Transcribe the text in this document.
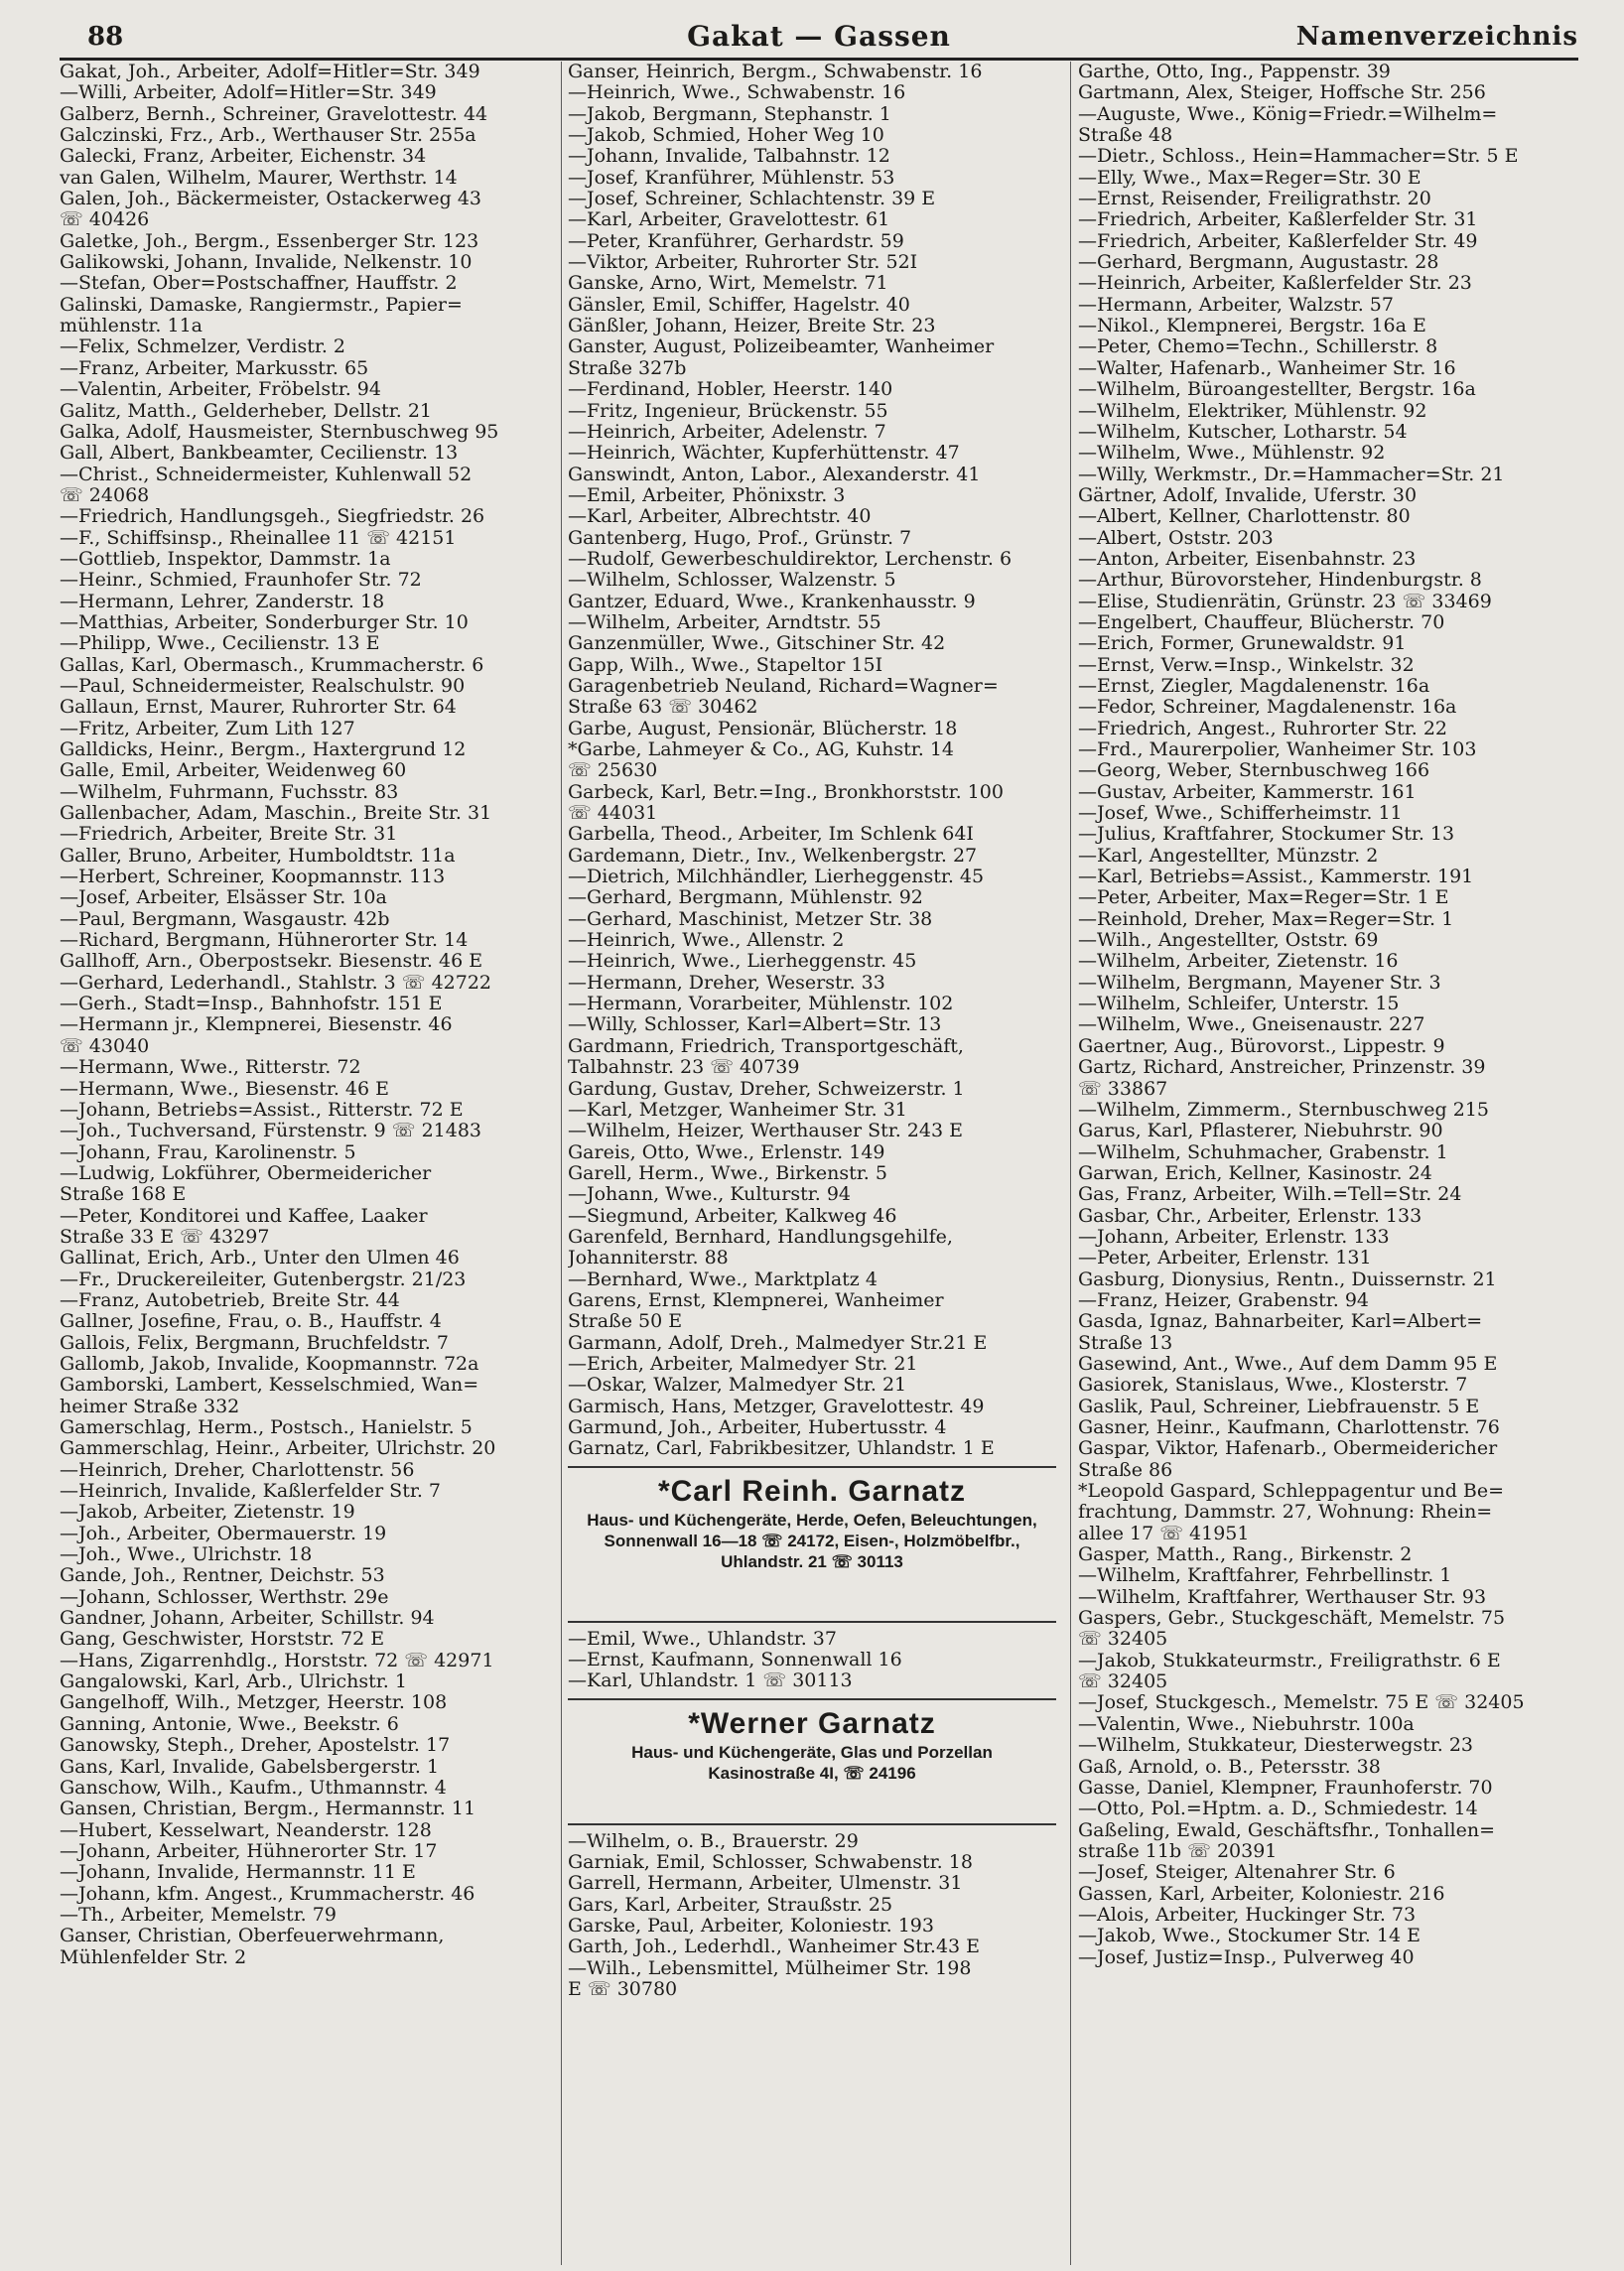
88	Gakat — Gassen	Namenverzeichnis
Gakat, Joh., Arbeiter, Adolf=Hitler=Str. 349
—Willi, Arbeiter, Adolf=Hitler=Str. 349
Galberz, Bernh., Schreiner, Gravelottestr. 44
Galczinski, Frz., Arb., Werthauser Str. 255a
Galecki, Franz, Arbeiter, Eichenstr. 34
van Galen, Wilhelm, Maurer, Werthstr. 14
Galen, Joh., Bäckermeister, Ostackerweg 43
☏ 40426
Galetke, Joh., Bergm., Essenberger Str. 123
Galikowski, Johann, Invalide, Nelkenstr. 10
—Stefan, Ober=Postschaffner, Hauffstr. 2
Galinski, Damaske, Rangiermstr., Papier=
mühlenstr. 11a
—Felix, Schmelzer, Verdistr. 2
—Franz, Arbeiter, Markusstr. 65
—Valentin, Arbeiter, Fröbelstr. 94
Galitz, Matth., Gelderheber, Dellstr. 21
Galka, Adolf, Hausmeister, Sternbuschweg 95
Gall, Albert, Bankbeamter, Cecilienstr. 13
—Christ., Schneidermeister, Kuhlenwall 52
☏ 24068
—Friedrich, Handlungsgeh., Siegfriedstr. 26
—F., Schiffsinsp., Rheinallee 11 ☏ 42151
—Gottlieb, Inspektor, Dammstr. 1a
—Heinr., Schmied, Fraunhofer Str. 72
—Hermann, Lehrer, Zanderstr. 18
—Matthias, Arbeiter, Sonderburger Str. 10
—Philipp, Wwe., Cecilienstr. 13 E
Gallas, Karl, Obermasch., Krummacherstr. 6
—Paul, Schneidermeister, Realschulstr. 90
Gallaun, Ernst, Maurer, Ruhrorter Str. 64
—Fritz, Arbeiter, Zum Lith 127
Galldicks, Heinr., Bergm., Haxtergrund 12
Galle, Emil, Arbeiter, Weidenweg 60
—Wilhelm, Fuhrmann, Fuchsstr. 83
Gallenbacher, Adam, Maschin., Breite Str. 31
—Friedrich, Arbeiter, Breite Str. 31
Galler, Bruno, Arbeiter, Humboldtstr. 11a
—Herbert, Schreiner, Koopmannstr. 113
—Josef, Arbeiter, Elsässer Str. 10a
—Paul, Bergmann, Wasgaustr. 42b
—Richard, Bergmann, Hühnerorter Str. 14
Gallhoff, Arn., Oberpostsekr. Biesenstr. 46 E
—Gerhard, Lederhandl., Stahlstr. 3 ☏ 42722
—Gerh., Stadt=Insp., Bahnhofstr. 151 E
—Hermann jr., Klempnerei, Biesenstr. 46
☏ 43040
—Hermann, Wwe., Ritterstr. 72
—Hermann, Wwe., Biesenstr. 46 E
—Johann, Betriebs=Assist., Ritterstr. 72 E
—Joh., Tuchversand, Fürstenstr. 9 ☏ 21483
—Johann, Frau, Karolinenstr. 5
—Ludwig, Lokführer, Obermeidericher
Straße 168 E
—Peter, Konditorei und Kaffee, Laaker
Straße 33 E ☏ 43297
Gallinat, Erich, Arb., Unter den Ulmen 46
—Fr., Druckereileiter, Gutenbergstr. 21/23
—Franz, Autobetrieb, Breite Str. 44
Gallner, Josefine, Frau, o. B., Hauffstr. 4
Gallois, Felix, Bergmann, Bruchfeldstr. 7
Gallomb, Jakob, Invalide, Koopmannstr. 72a
Gamborski, Lambert, Kesselschmied, Wan=
heimer Straße 332
Gamerschlag, Herm., Postsch., Hanielstr. 5
Gammerschlag, Heinr., Arbeiter, Ulrichstr. 20
—Heinrich, Dreher, Charlottenstr. 56
—Heinrich, Invalide, Kaßlerfelder Str. 7
—Jakob, Arbeiter, Zietenstr. 19
—Joh., Arbeiter, Obermauerstr. 19
—Joh., Wwe., Ulrichstr. 18
Gande, Joh., Rentner, Deichstr. 53
—Johann, Schlosser, Werthstr. 29e
Gandner, Johann, Arbeiter, Schillstr. 94
Gang, Geschwister, Horststr. 72 E
—Hans, Zigarrenhdlg., Horststr. 72 ☏ 42971
Gangalowski, Karl, Arb., Ulrichstr. 1
Gangelhoff, Wilh., Metzger, Heerstr. 108
Ganning, Antonie, Wwe., Beekstr. 6
Ganowsky, Steph., Dreher, Apostelstr. 17
Gans, Karl, Invalide, Gabelsbergerstr. 1
Ganschow, Wilh., Kaufm., Uthmannstr. 4
Gansen, Christian, Bergm., Hermannstr. 11
—Hubert, Kesselwart, Neanderstr. 128
—Johann, Arbeiter, Hühnerorter Str. 17
—Johann, Invalide, Hermannstr. 11 E
—Johann, kfm. Angest., Krummacherstr. 46
—Th., Arbeiter, Memelstr. 79
Ganser, Christian, Oberfeuerwehrmann,
Mühlenfelder Str. 2
Ganser, Heinrich, Bergm., Schwabenstr. 16
—Heinrich, Wwe., Schwabenstr. 16
—Jakob, Bergmann, Stephanstr. 1
—Jakob, Schmied, Hoher Weg 10
—Johann, Invalide, Talbahnstr. 12
—Josef, Kranführer, Mühlenstr. 53
—Josef, Schreiner, Schlachtenstr. 39 E
—Karl, Arbeiter, Gravelottestr. 61
—Peter, Kranführer, Gerhardstr. 59
—Viktor, Arbeiter, Ruhrorter Str. 52I
Ganske, Arno, Wirt, Memelstr. 71
Gänsler, Emil, Schiffer, Hagelstr. 40
Gänßler, Johann, Heizer, Breite Str. 23
Ganster, August, Polizeibeamter, Wanheimer
Straße 327b
—Ferdinand, Hobler, Heerstr. 140
—Fritz, Ingenieur, Brückenstr. 55
—Heinrich, Arbeiter, Adelenstr. 7
—Heinrich, Wächter, Kupferhüttenstr. 47
Ganswindt, Anton, Labor., Alexanderstr. 41
—Emil, Arbeiter, Phönixstr. 3
—Karl, Arbeiter, Albrechtstr. 40
Gantenberg, Hugo, Prof., Grünstr. 7
—Rudolf, Gewerbeschuldirektor, Lerchenstr. 6
—Wilhelm, Schlosser, Walzenstr. 5
Gantzer, Eduard, Wwe., Krankenhausstr. 9
—Wilhelm, Arbeiter, Arndtstr. 55
Ganzenmüller, Wwe., Gitschiner Str. 42
Gapp, Wilh., Wwe., Stapeltor 15I
Garagenbetrieb Neuland, Richard=Wagner=
Straße 63 ☏ 30462
Garbe, August, Pensionär, Blücherstr. 18
*Garbe, Lahmeyer & Co., AG, Kuhstr. 14
☏ 25630
Garbeck, Karl, Betr.=Ing., Bronkhorststr. 100
☏ 44031
Garbella, Theod., Arbeiter, Im Schlenk 64I
Gardemann, Dietr., Inv., Welkenbergstr. 27
—Dietrich, Milchhändler, Lierheggenstr. 45
—Gerhard, Bergmann, Mühlenstr. 92
—Gerhard, Maschinist, Metzer Str. 38
—Heinrich, Wwe., Allenstr. 2
—Heinrich, Wwe., Lierheggenstr. 45
—Hermann, Dreher, Weserstr. 33
—Hermann, Vorarbeiter, Mühlenstr. 102
—Willy, Schlosser, Karl=Albert=Str. 13
Gardmann, Friedrich, Transportgeschäft,
Talbahnstr. 23 ☏ 40739
Gardung, Gustav, Dreher, Schweizerstr. 1
—Karl, Metzger, Wanheimer Str. 31
—Wilhelm, Heizer, Werthauser Str. 243 E
Gareis, Otto, Wwe., Erlenstr. 149
Garell, Herm., Wwe., Birkenstr. 5
—Johann, Wwe., Kulturstr. 94
—Siegmund, Arbeiter, Kalkweg 46
Garenfeld, Bernhard, Handlungsgehilfe,
Johanniterstr. 88
—Bernhard, Wwe., Marktplatz 4
Garens, Ernst, Klempnerei, Wanheimer
Straße 50 E
Garmann, Adolf, Dreh., Malmedyer Str.21 E
—Erich, Arbeiter, Malmedyer Str. 21
—Oskar, Walzer, Malmedyer Str. 21
Garmisch, Hans, Metzger, Gravelottestr. 49
Garmund, Joh., Arbeiter, Hubertusstr. 4
Garnatz, Carl, Fabrikbesitzer, Uhlandstr. 1 E
*Carl Reinh. Garnatz
Haus- und Küchengeräte, Herde, Oefen, Beleuchtungen, Sonnenwall 16—18 ☏ 24172, Eisen-, Holzmöbelfbr., Uhlandstr. 21 ☏ 30113
—Emil, Wwe., Uhlandstr. 37
—Ernst, Kaufmann, Sonnenwall 16
—Karl, Uhlandstr. 1 ☏ 30113
*Werner Garnatz
Haus- und Küchengeräte, Glas und Porzellan Kasinostraße 4I, ☏ 24196
—Wilhelm, o. B., Brauerstr. 29
Garniak, Emil, Schlosser, Schwabenstr. 18
Garrell, Hermann, Arbeiter, Ulmenstr. 31
Gars, Karl, Arbeiter, Straußstr. 25
Garske, Paul, Arbeiter, Koloniestr. 193
Garth, Joh., Lederhdl., Wanheimer Str.43 E
—Wilh., Lebensmittel, Mülheimer Str. 198
E ☏ 30780
Garthe, Otto, Ing., Pappenstr. 39
Gartmann, Alex, Steiger, Hoffsche Str. 256
—Auguste, Wwe., König=Friedr.=Wilhelm=
Straße 48
—Dietr., Schloss., Hein=Hammacher=Str. 5 E
—Elly, Wwe., Max=Reger=Str. 30 E
—Ernst, Reisender, Freiligrathstr. 20
—Friedrich, Arbeiter, Kaßlerfelder Str. 31
—Friedrich, Arbeiter, Kaßlerfelder Str. 49
—Gerhard, Bergmann, Augustastr. 28
—Heinrich, Arbeiter, Kaßlerfelder Str. 23
—Hermann, Arbeiter, Walzstr. 57
—Nikol., Klempnerei, Bergstr. 16a E
—Peter, Chemo=Techn., Schillerstr. 8
—Walter, Hafenarb., Wanheimer Str. 16
—Wilhelm, Büroangestellter, Bergstr. 16a
—Wilhelm, Elektriker, Mühlenstr. 92
—Wilhelm, Kutscher, Lotharstr. 54
—Wilhelm, Wwe., Mühlenstr. 92
—Willy, Werkmstr., Dr.=Hammacher=Str. 21
Gärtner, Adolf, Invalide, Uferstr. 30
—Albert, Kellner, Charlottenstr. 80
—Albert, Oststr. 203
—Anton, Arbeiter, Eisenbahnstr. 23
—Arthur, Bürovorsteher, Hindenburgstr. 8
—Elise, Studienrätin, Grünstr. 23 ☏ 33469
—Engelbert, Chauffeur, Blücherstr. 70
—Erich, Former, Grunewaldstr. 91
—Ernst, Verw.=Insp., Winkelstr. 32
—Ernst, Ziegler, Magdalenenstr. 16a
—Fedor, Schreiner, Magdalenenstr. 16a
—Friedrich, Angest., Ruhrorter Str. 22
—Frd., Maurerpolier, Wanheimer Str. 103
—Georg, Weber, Sternbuschweg 166
—Gustav, Arbeiter, Kammerstr. 161
—Josef, Wwe., Schifferheimstr. 11
—Julius, Kraftfahrer, Stockumer Str. 13
—Karl, Angestellter, Münzstr. 2
—Karl, Betriebs=Assist., Kammerstr. 191
—Peter, Arbeiter, Max=Reger=Str. 1 E
—Reinhold, Dreher, Max=Reger=Str. 1
—Wilh., Angestellter, Oststr. 69
—Wilhelm, Arbeiter, Zietenstr. 16
—Wilhelm, Bergmann, Mayener Str. 3
—Wilhelm, Schleifer, Unterstr. 15
—Wilhelm, Wwe., Gneisenaustr. 227
Gaertner, Aug., Bürovorst., Lippestr. 9
Gartz, Richard, Anstreicher, Prinzenstr. 39
☏ 33867
—Wilhelm, Zimmerm., Sternbuschweg 215
Garus, Karl, Pflasterer, Niebuhrstr. 90
—Wilhelm, Schuhmacher, Grabenstr. 1
Garwan, Erich, Kellner, Kasinostr. 24
Gas, Franz, Arbeiter, Wilh.=Tell=Str. 24
Gasbar, Chr., Arbeiter, Erlenstr. 133
—Johann, Arbeiter, Erlenstr. 133
—Peter, Arbeiter, Erlenstr. 131
Gasburg, Dionysius, Rentn., Duissernstr. 21
—Franz, Heizer, Grabenstr. 94
Gasda, Ignaz, Bahnarbeiter, Karl=Albert=
Straße 13
Gasewind, Ant., Wwe., Auf dem Damm 95 E
Gasiorek, Stanislaus, Wwe., Klosterstr. 7
Gaslik, Paul, Schreiner, Liebfrauenstr. 5 E
Gasner, Heinr., Kaufmann, Charlottenstr. 76
Gaspar, Viktor, Hafenarb., Obermeidericher
Straße 86
*Leopold Gaspard, Schleppagentur und Be=
frachtung, Dammstr. 27, Wohnung: Rhein=
allee 17 ☏ 41951
Gasper, Matth., Rang., Birkenstr. 2
—Wilhelm, Kraftfahrer, Fehrbellinstr. 1
—Wilhelm, Kraftfahrer, Werthauser Str. 93
Gaspers, Gebr., Stuckgeschäft, Memelstr. 75
☏ 32405
—Jakob, Stukkateurmstr., Freiligrathstr. 6 E
☏ 32405
—Josef, Stuckgesch., Memelstr. 75 E ☏ 32405
—Valentin, Wwe., Niebuhrstr. 100a
—Wilhelm, Stukkateur, Diesterwegstr. 23
Gaß, Arnold, o. B., Petersstr. 38
Gasse, Daniel, Klempner, Fraunhoferstr. 70
—Otto, Pol.=Hptm. a. D., Schmiedestr. 14
Gaßeling, Ewald, Geschäftsfhr., Tonhallen=
straße 11b ☏ 20391
—Josef, Steiger, Altenahrer Str. 6
Gassen, Karl, Arbeiter, Koloniestr. 216
—Alois, Arbeiter, Huckinger Str. 73
—Jakob, Wwe., Stockumer Str. 14 E
—Josef, Justiz=Insp., Pulverweg 40
